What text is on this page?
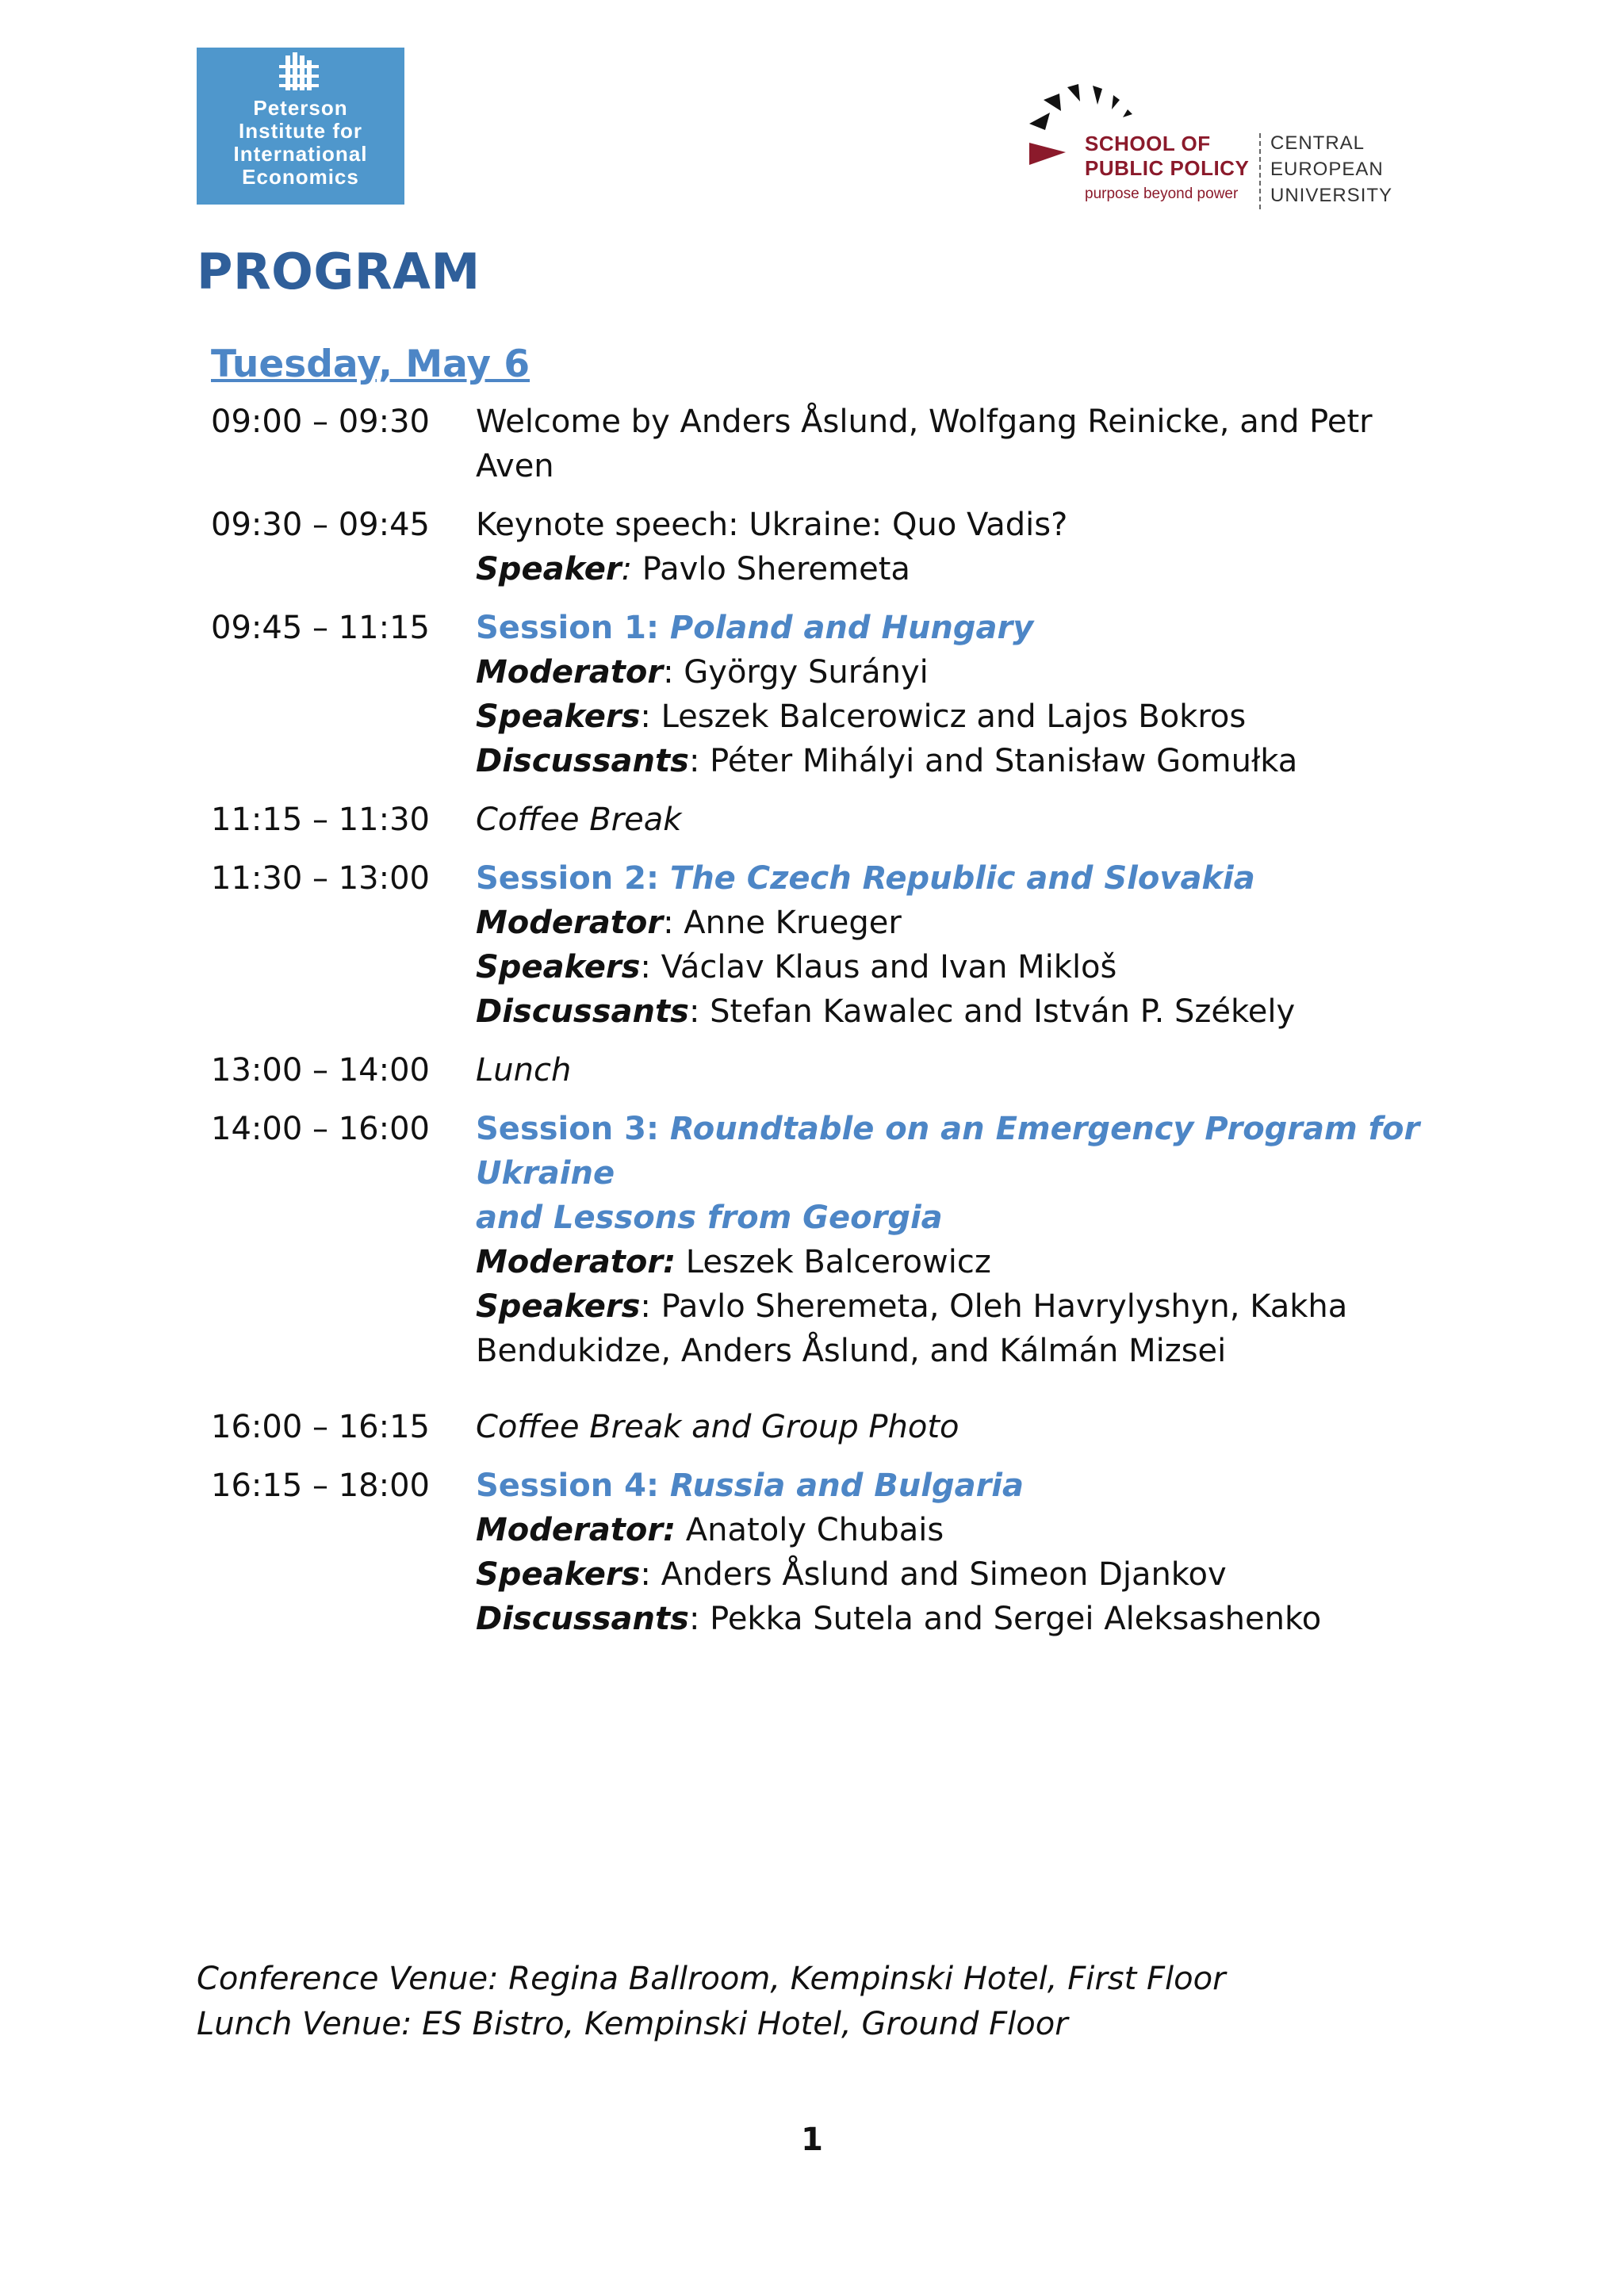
Peterson
Institute for
International
Economics
SCHOOL OF
PUBLIC POLICY
purpose beyond power
CENTRAL
EUROPEAN
UNIVERSITY
PROGRAM
Tuesday, May 6
09:00 – 09:30	Welcome by Anders Åslund, Wolfgang Reinicke, and Petr Aven
09:30 – 09:45	Keynote speech: Ukraine: Quo Vadis?
Speaker: Pavlo Sheremeta
09:45 – 11:15	Session 1: Poland and Hungary
Moderator: György Surányi
Speakers: Leszek Balcerowicz and Lajos Bokros
Discussants: Péter Mihályi and Stanisław Gomułka
11:15 – 11:30	Coffee Break
11:30 – 13:00	Session 2: The Czech Republic and Slovakia
Moderator: Anne Krueger
Speakers: Václav Klaus and Ivan Mikloš
Discussants: Stefan Kawalec and István P. Székely
13:00 – 14:00	Lunch
14:00 – 16:00	Session 3: Roundtable on an Emergency Program for Ukraine
and Lessons from Georgia
Moderator: Leszek Balcerowicz
Speakers: Pavlo Sheremeta, Oleh Havrylyshyn, Kakha
Bendukidze, Anders Åslund, and Kálmán Mizsei
16:00 – 16:15	Coffee Break and Group Photo
16:15 – 18:00	Session 4: Russia and Bulgaria
Moderator: Anatoly Chubais
Speakers: Anders Åslund and Simeon Djankov
Discussants: Pekka Sutela and Sergei Aleksashenko
Conference Venue: Regina Ballroom, Kempinski Hotel, First Floor
Lunch Venue: ES Bistro, Kempinski Hotel, Ground Floor
1
